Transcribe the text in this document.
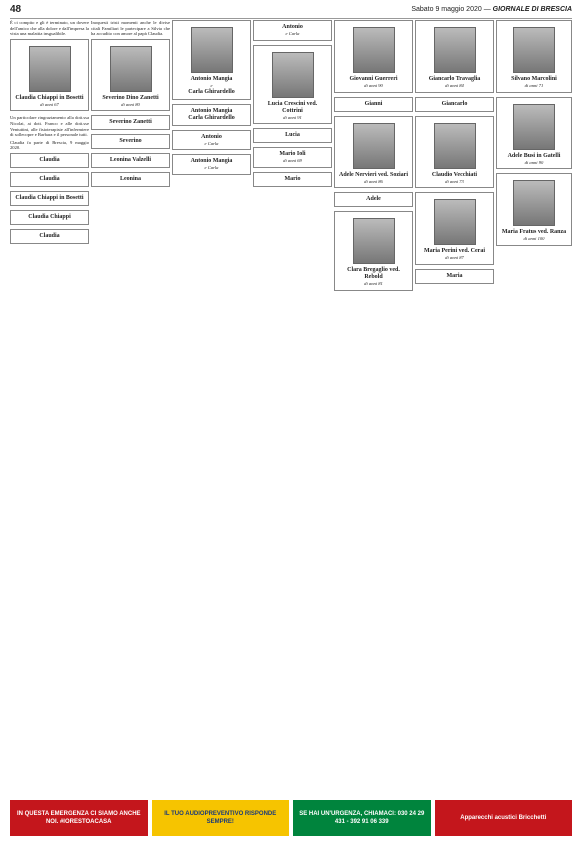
48	Sabato 9 maggio 2020 — GIORNALE DI BRESCIA

È ci compito e gli è terminato, un dovere dell'amico che alla dolore e dall'impresa la vista una malattia insgualibile.

Claudia Chiappi in Bosetti
di anni 67

Un particolare ringraziamento alla dott.ssa Nicolai, ai dott. Franco e alle dott.sse Ventuttini, alle fisioterapiste all'infermiere di sollecopre e Barbara e il personale tutti.

Claudia fa parte di Brescia, 9 maggio 2020.

Claudia
Claudia
Claudia Chiappi in Bosetti
Claudia Chiappi
Claudia

Inoquesti tristi momenti anche le divise citali Familiari le partecipare a Silvia che ha accudito con amore al papà Claudia.

Severino Dino Zanetti
di anni 80
Severino Zanetti
Severino
Leonina Valzelli
Leonina
Antonio Mangia
e
Carla Ghirardello
Antonio Mangia
Carla Ghirardello
Antonio
e Carla
Antonio Mangia
e Carla
Antonio
e Carla
Lucia Crescini ved. Cottrini
di anni 91
Lucia
Mario Ioli
di anni 69
Mario
Giovanni Guerreri
di anni 90
Gianni
Adele Nervieri ved. Soziari
di anni 86
Adele
Clara Bregaglio ved. Rebold
di anni 81
Giancarlo Travaglia
di anni 84
Giancarlo
Claudio Vecchiati
di anni 73
Maria Perini ved. Cerai
di anni 87
Maria
Silvano Marcolini
di anni 71
Adele Busi in Gatelli
di anni 90
Maria Fratus ved. Ranza
di anni 100
IN QUESTA EMERGENZA CI SIAMO ANCHE NOI. #IORESTOACASA
IL TUO AUDIOPREVENTIVO RISPONDE SEMPRE!
SE HAI UN'URGENZA, CHIAMACI: 030 24 29 431 - 392 91 06 339
Apparecchi acustici Bricchetti
